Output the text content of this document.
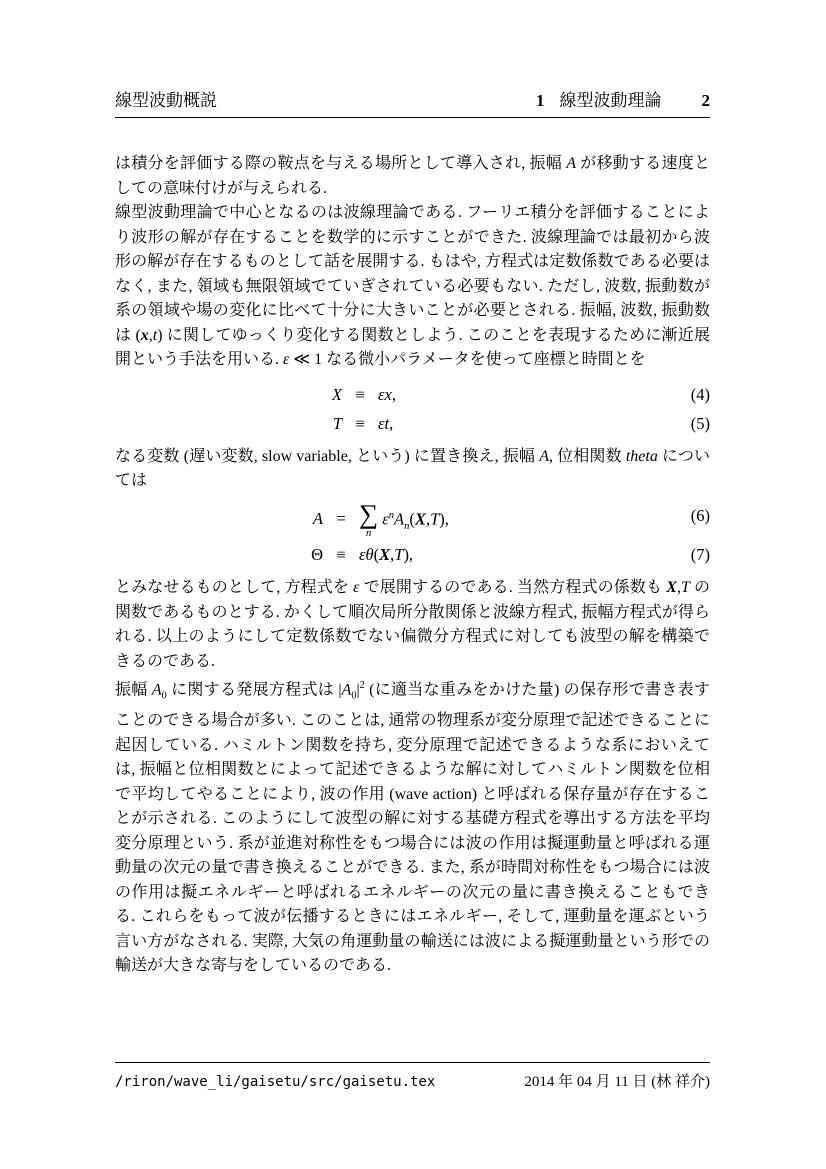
線型波動概説	1 線型波動理論 2

は積分を評価する際の鞍点を与える場所として導入され, 振幅 A が移動する速度としての意味付けが与えられる.

線型波動理論で中心となるのは波線理論である. フーリエ積分を評価することにより波形の解が存在することを数学的に示すことができた. 波線理論では最初から波形の解が存在するものとして話を展開する. もはや, 方程式は定数係数である必要はなく, また, 領域も無限領域でていぎされている必要もない. ただし, 波数, 振動数が系の領域や場の変化に比べて十分に大きいことが必要とされる. 振幅, 波数, 振動数は (x,t) に関してゆっくり変化する関数としよう. このことを表現するために漸近展開という手法を用いる. ε ≪ 1 なる微小パラメータを使って座標と時間とを

X ≡ εx,	(4)
T ≡ εt,	(5)

なる変数 (遅い変数, slow variable, という) に置き換え, 振幅 A, 位相関数 theta については

A = ∑
n
$\varepsilon^nA_n(X,T)$,	(6)
Θ ≡ εθ(X,T),	(7)

とみなせるものとして, 方程式を ε で展開するのである. 当然方程式の係数も X,T の関数であるものとする. かくして順次局所分散関係と波線方程式, 振幅方程式が得られる. 以上のようにして定数係数でない偏微分方程式に対しても波型の解を構築できるのである.

振幅 $A_0$ に関する発展方程式は $|A_0|^2$ (に適当な重みをかけた量) の保存形で書き表すことのできる場合が多い. このことは, 通常の物理系が変分原理で記述できることに起因している. ハミルトン関数を持ち, 変分原理で記述できるような系においえては, 振幅と位相関数とによって記述できるような解に対してハミルトン関数を位相で平均してやることにより, 波の作用 (wave action) と呼ばれる保存量が存在することが示される. このようにして波型の解に対する基礎方程式を導出する方法を平均変分原理という. 系が並進対称性をもつ場合には波の作用は擬運動量と呼ばれる運動量の次元の量で書き換えることができる. また, 系が時間対称性をもつ場合には波の作用は擬エネルギーと呼ばれるエネルギーの次元の量に書き換えることもできる. これらをもって波が伝播するときにはエネルギー, そして, 運動量を運ぶという言い方がなされる. 実際, 大気の角運動量の輸送には波による擬運動量という形での輸送が大きな寄与をしているのである.

/riron/wave_li/gaisetu/src/gaisetu.tex	2014 年 04 月 11 日 (林 祥介)
